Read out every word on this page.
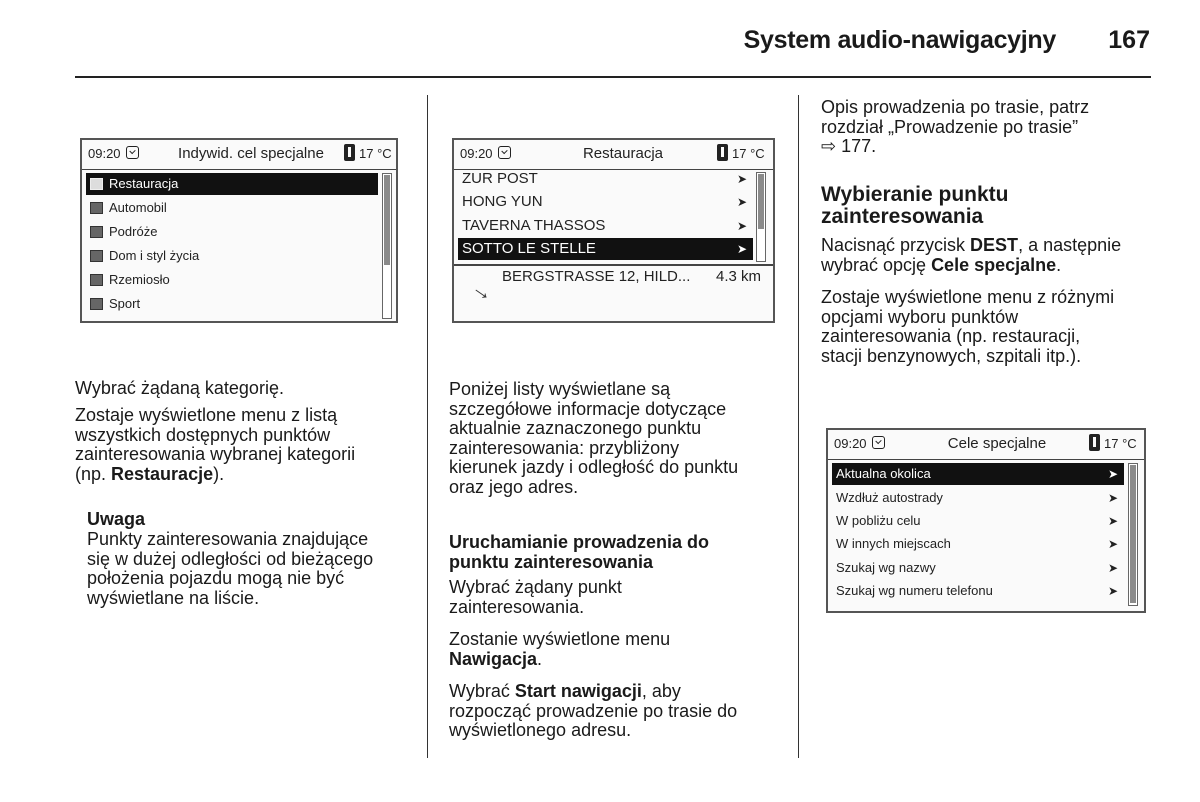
System audio-nawigacyjny	167
09:20	Indywid. cel specjalne	17 °C
Restauracja
Automobil
Podróże
Dom i styl życia
Rzemiosło
Sport
09:20	Restauracja	17 °C
ZUR POST	➤
HONG YUN	➤
TAVERNA THASSOS	➤
SOTTO LE STELLE	➤
→ BERGSTRASSE 12, HILD... 4.3 km
09:20	Cele specjalne	17 °C
Aktualna okolica	➤
Wzdłuż autostrady	➤
W pobliżu celu	➤
W innych miejscach	➤
Szukaj wg nazwy	➤
Szukaj wg numeru telefonu	➤

Wybrać żądaną kategorię.

Zostaje wyświetlone menu z listą
wszystkich dostępnych punktów
zainteresowania wybranej kategorii
(np. Restauracje).

Uwaga

Punkty zainteresowania znajdujące
się w dużej odległości od bieżącego
położenia pojazdu mogą nie być
wyświetlane na liście.

Poniżej listy wyświetlane są
szczegółowe informacje dotyczące
aktualnie zaznaczonego punktu
zainteresowania: przybliżony
kierunek jazdy i odległość do punktu
oraz jego adres.

Uruchamianie prowadzenia do
punktu zainteresowania

Wybrać żądany punkt
zainteresowania.

Zostanie wyświetlone menu
Nawigacja.

Wybrać Start nawigacji, aby
rozpocząć prowadzenie po trasie do
wyświetlonego adresu.

Opis prowadzenia po trasie, patrz
rozdział „Prowadzenie po trasie”
⇨ 177.

Wybieranie punktu
zainteresowania

Nacisnąć przycisk DEST, a następnie
wybrać opcję Cele specjalne.

Zostaje wyświetlone menu z różnymi
opcjami wyboru punktów
zainteresowania (np. restauracji,
stacji benzynowych, szpitali itp.).
